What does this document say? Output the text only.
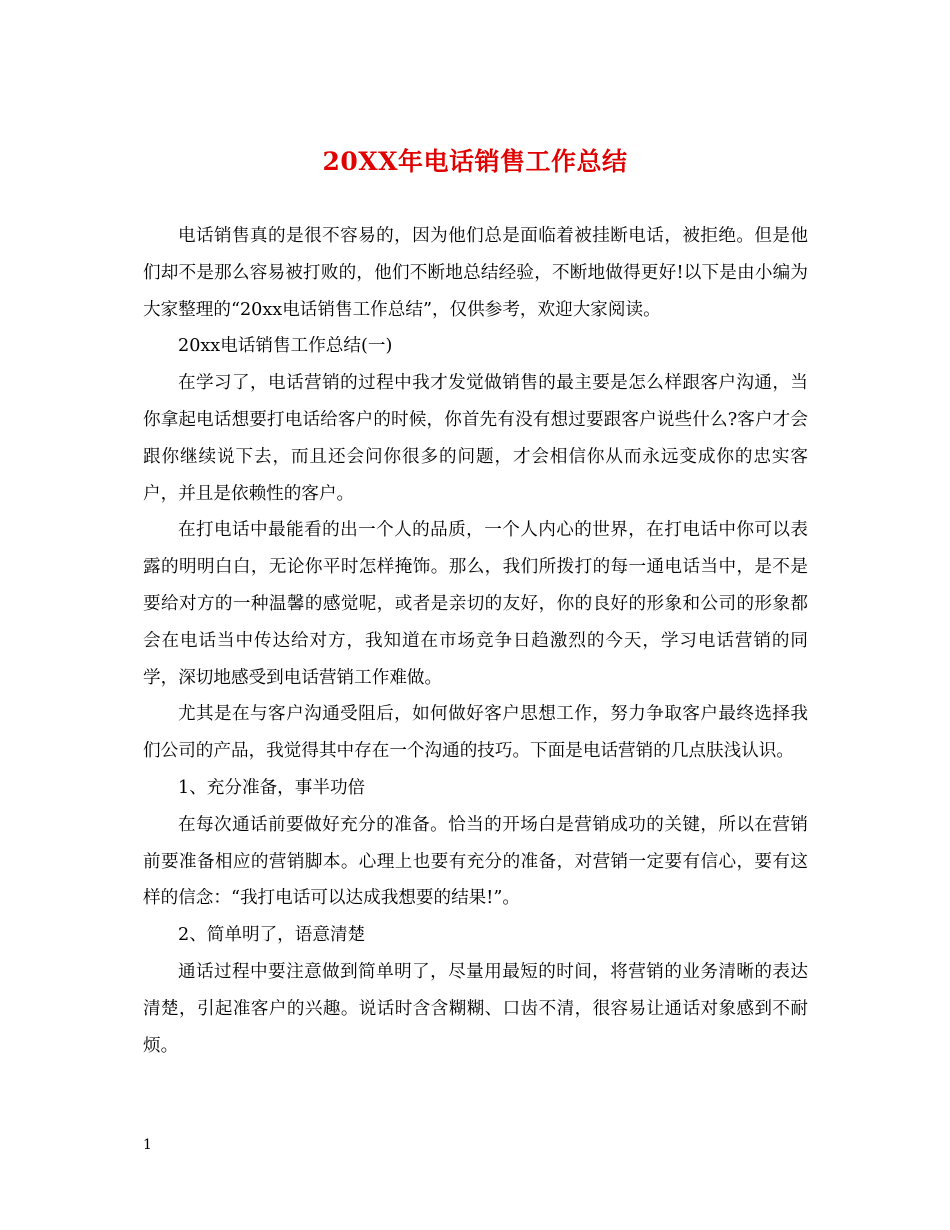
20XX年电话销售工作总结

电话销售真的是很不容易的，因为他们总是面临着被挂断电话，被拒绝。但是他们却不是那么容易被打败的，他们不断地总结经验，不断地做得更好!以下是由小编为大家整理的“20xx电话销售工作总结”，仅供参考，欢迎大家阅读。

20xx电话销售工作总结(一)

在学习了，电话营销的过程中我才发觉做销售的最主要是怎么样跟客户沟通，当你拿起电话想要打电话给客户的时候，你首先有没有想过要跟客户说些什么?客户才会跟你继续说下去，而且还会问你很多的问题，才会相信你从而永远变成你的忠实客户，并且是依赖性的客户。

在打电话中最能看的出一个人的品质，一个人内心的世界，在打电话中你可以表露的明明白白，无论你平时怎样掩饰。那么，我们所拨打的每一通电话当中，是不是要给对方的一种温馨的感觉呢，或者是亲切的友好，你的良好的形象和公司的形象都会在电话当中传达给对方，我知道在市场竞争日趋激烈的今天，学习电话营销的同学，深切地感受到电话营销工作难做。

尤其是在与客户沟通受阻后，如何做好客户思想工作，努力争取客户最终选择我们公司的产品，我觉得其中存在一个沟通的技巧。下面是电话营销的几点肤浅认识。

1、充分准备，事半功倍

在每次通话前要做好充分的准备。恰当的开场白是营销成功的关键，所以在营销前要准备相应的营销脚本。心理上也要有充分的准备，对营销一定要有信心，要有这样的信念：“我打电话可以达成我想要的结果!”。

2、简单明了，语意清楚

通话过程中要注意做到简单明了，尽量用最短的时间，将营销的业务清晰的表达清楚，引起准客户的兴趣。说话时含含糊糊、口齿不清，很容易让通话对象感到不耐烦。

1
